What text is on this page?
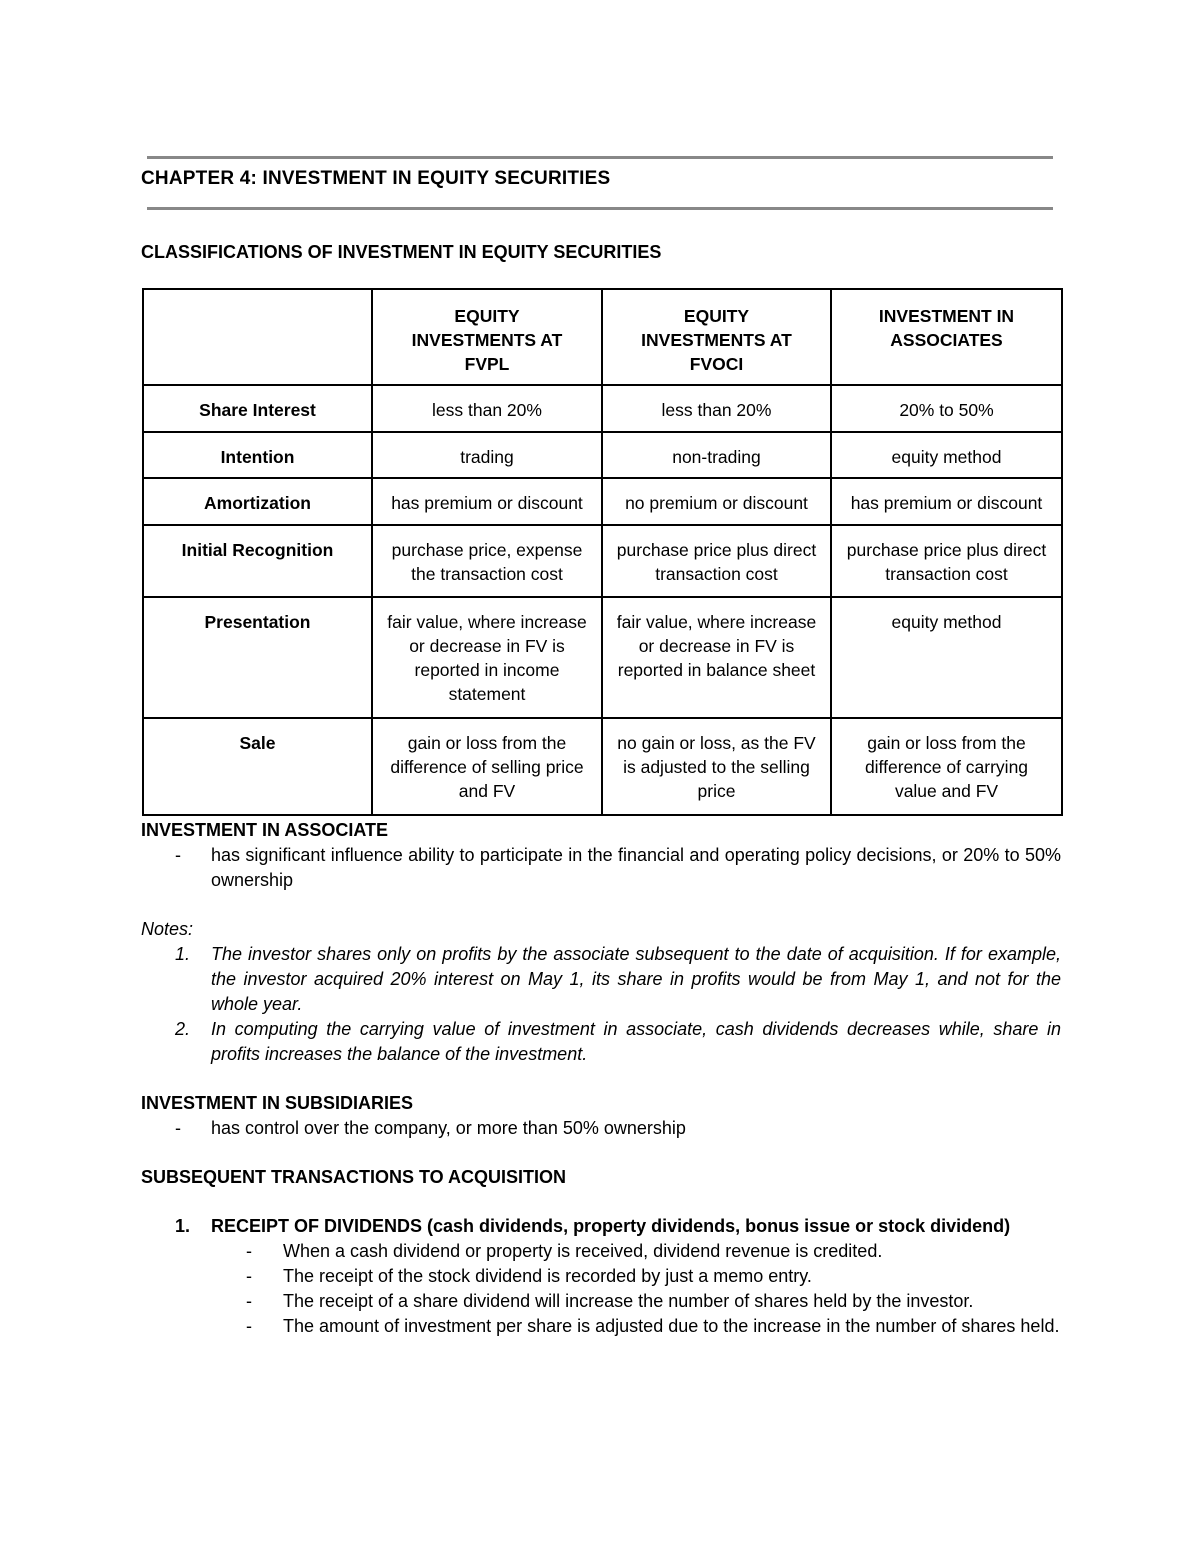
CHAPTER 4: INVESTMENT IN EQUITY SECURITIES
CLASSIFICATIONS OF INVESTMENT IN EQUITY SECURITIES
	EQUITY INVESTMENTS AT FVPL	EQUITY INVESTMENTS AT FVOCI	INVESTMENT IN ASSOCIATES
Share Interest	less than 20%	less than 20%	20% to 50%
Intention	trading	non-trading	equity method
Amortization	has premium or discount	no premium or discount	has premium or discount
Initial Recognition	purchase price, expense the transaction cost	purchase price plus direct transaction cost	purchase price plus direct transaction cost
Presentation	fair value, where increase or decrease in FV is reported in income statement	fair value, where increase or decrease in FV is reported in balance sheet	equity method
Sale	gain or loss from the difference of selling price and FV	no gain or loss, as the FV is adjusted to the selling price	gain or loss from the difference of carrying value and FV
INVESTMENT IN ASSOCIATE
- has significant influence ability to participate in the financial and operating policy decisions, or 20% to 50% ownership
Notes:
1. The investor shares only on profits by the associate subsequent to the date of acquisition. If for example, the investor acquired 20% interest on May 1, its share in profits would be from May 1, and not for the whole year.
2. In computing the carrying value of investment in associate, cash dividends decreases while, share in profits increases the balance of the investment.
INVESTMENT IN SUBSIDIARIES
- has control over the company, or more than 50% ownership
SUBSEQUENT TRANSACTIONS TO ACQUISITION
1. RECEIPT OF DIVIDENDS (cash dividends, property dividends, bonus issue or stock dividend)
- When a cash dividend or property is received, dividend revenue is credited.
- The receipt of the stock dividend is recorded by just a memo entry.
- The receipt of a share dividend will increase the number of shares held by the investor.
- The amount of investment per share is adjusted due to the increase in the number of shares held.
